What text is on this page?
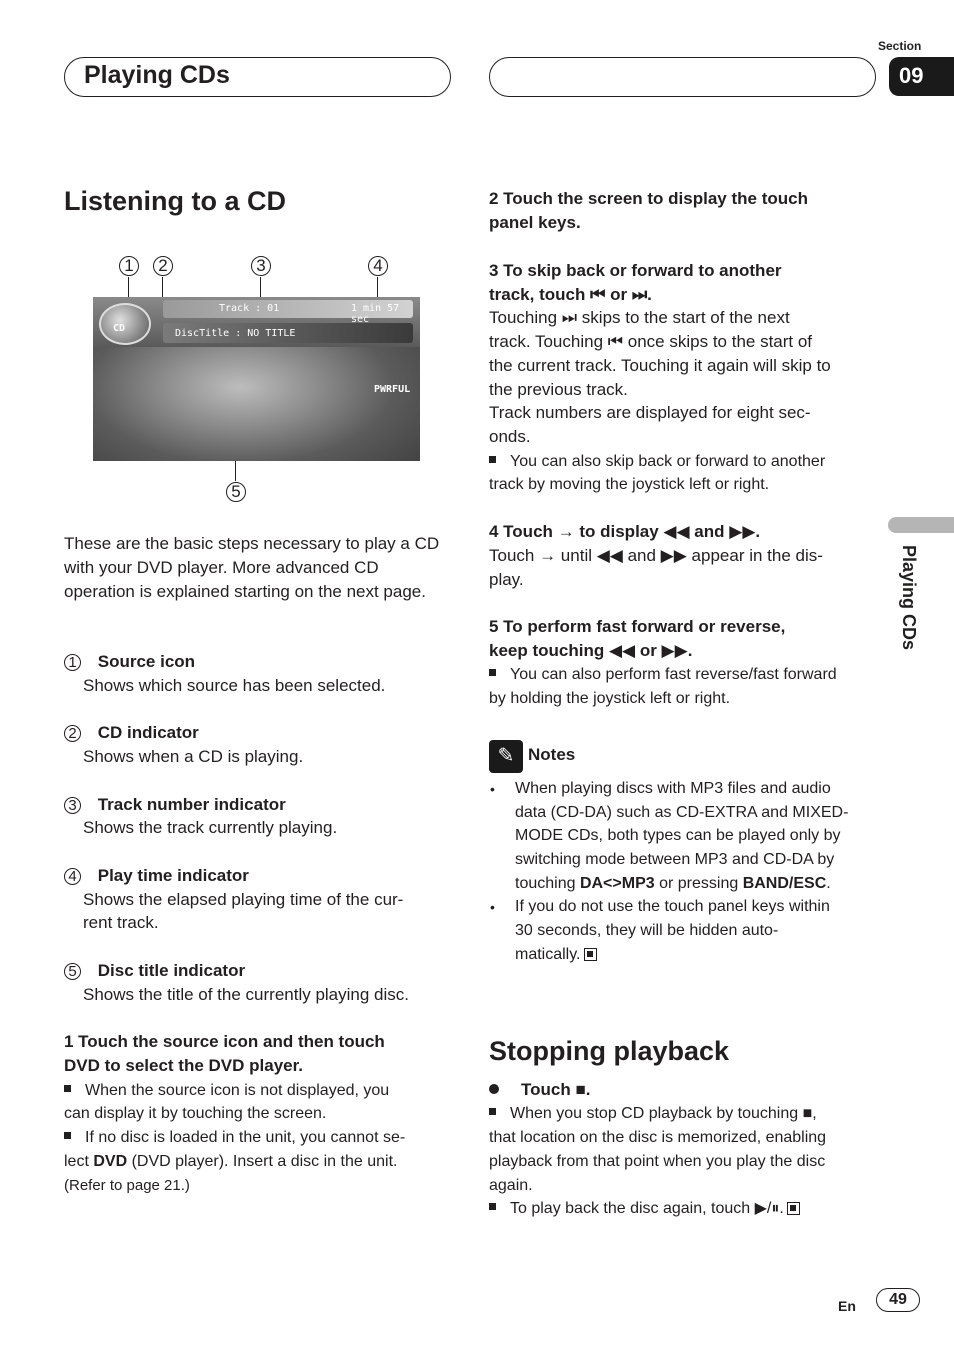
Section
09
Playing CDs
Playing CDs
Listening to a CD
1	2	3	4
5
CD
Track : 01	1 min 57 sec
DiscTitle : NO TITLE
PWRFUL
These are the basic steps necessary to play a CD with your DVD player. More advanced CD operation is explained starting on the next page.
1 Source icon
Shows which source has been selected.
2 CD indicator
Shows when a CD is playing.
3 Track number indicator
Shows the track currently playing.
4 Play time indicator
Shows the elapsed playing time of the cur-
rent track.
5 Disc title indicator
Shows the title of the currently playing disc.
1 Touch the source icon and then touch
DVD to select the DVD player.
When the source icon is not displayed, you
can display it by touching the screen.
If no disc is loaded in the unit, you cannot se-
lect DVD (DVD player). Insert a disc in the unit.
(Refer to page 21.)
2 Touch the screen to display the touch
panel keys.
3 To skip back or forward to another
track, touch ⏮ or ⏭.
Touching ⏭ skips to the start of the next
track. Touching ⏮ once skips to the start of
the current track. Touching it again will skip to
the previous track.
Track numbers are displayed for eight sec-
onds.
You can also skip back or forward to another
track by moving the joystick left or right.
4 Touch → to display ◀◀ and ▶▶.
Touch → until ◀◀ and ▶▶ appear in the dis-
play.
5 To perform fast forward or reverse,
keep touching ◀◀ or ▶▶.
You can also perform fast reverse/fast forward
by holding the joystick left or right.
✎ Notes
• When playing discs with MP3 files and audio
data (CD-DA) such as CD-EXTRA and MIXED-
MODE CDs, both types can be played only by
switching mode between MP3 and CD-DA by
touching DA<>MP3 or pressing BAND/ESC.
• If you do not use the touch panel keys within
30 seconds, they will be hidden auto-
matically.
Stopping playback
Touch ■.
When you stop CD playback by touching ■,
that location on the disc is memorized, enabling
playback from that point when you play the disc
again.
To play back the disc again, touch ▶/⏸.
En	49
